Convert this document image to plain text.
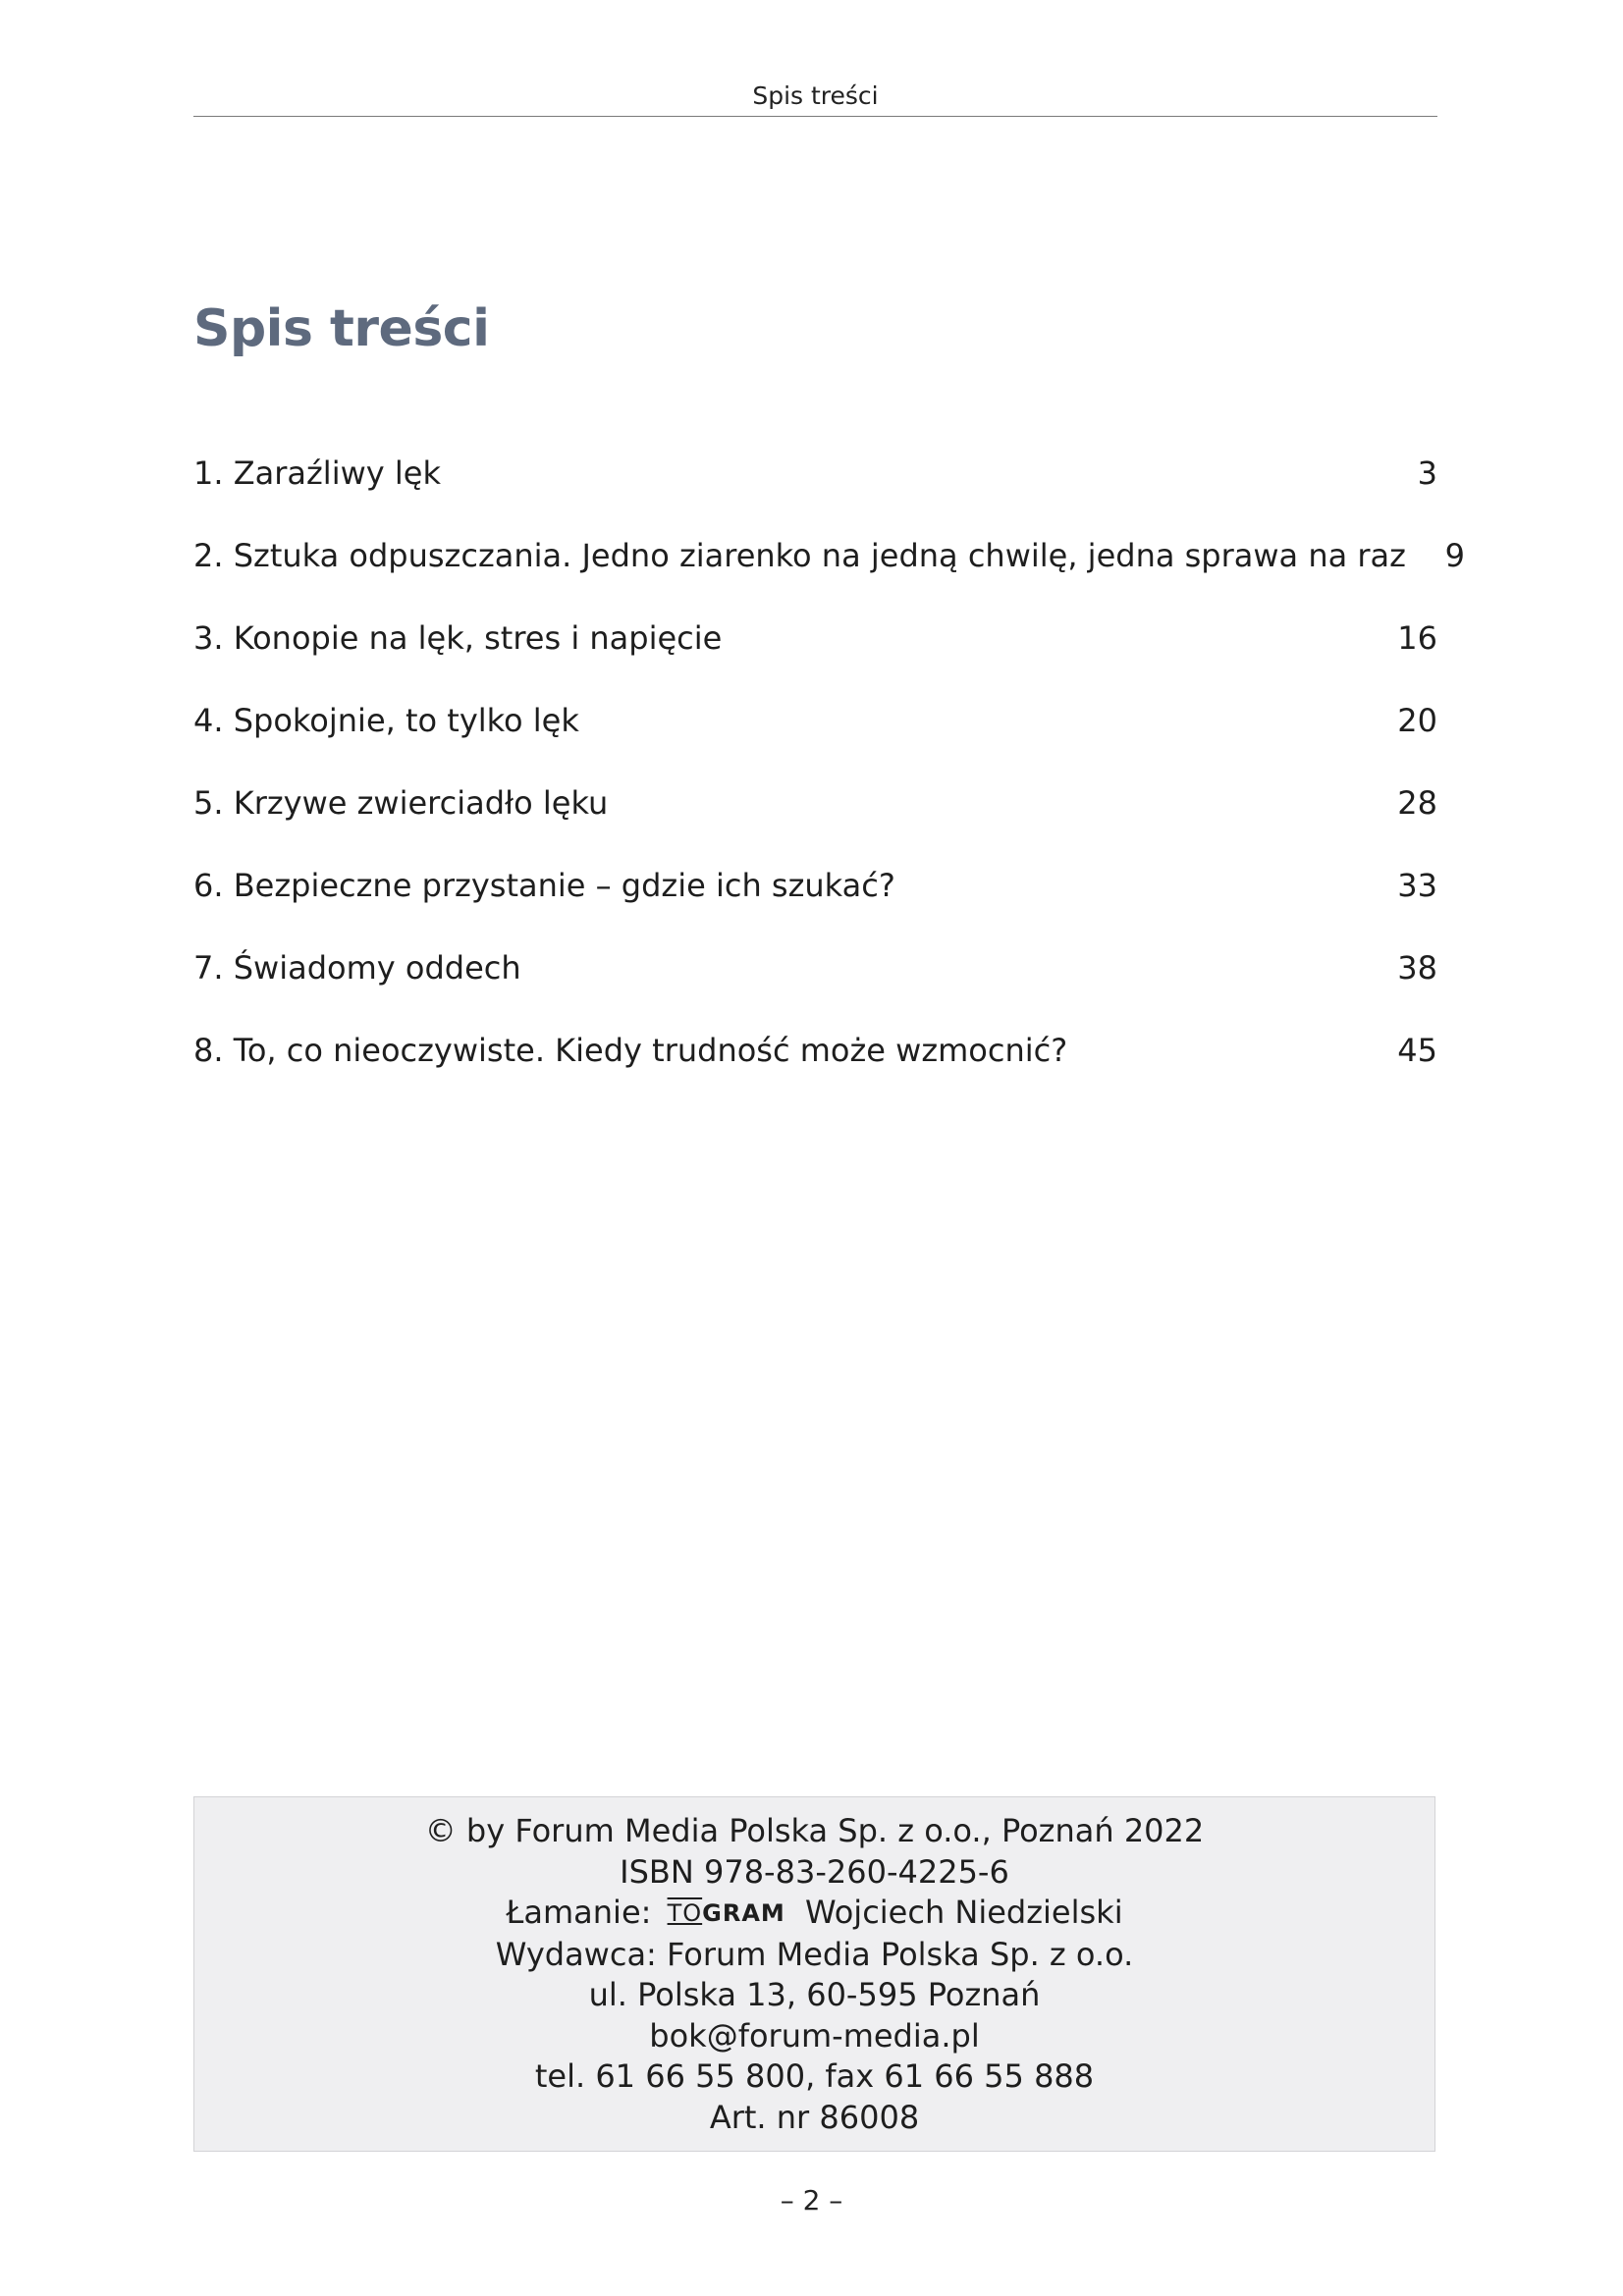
Spis treści
Spis treści
1. Zaraźliwy lęk	3
2. Sztuka odpuszczania. Jedno ziarenko na jedną chwilę, jedna sprawa na raz	9
3. Konopie na lęk, stres i napięcie	16
4. Spokojnie, to tylko lęk	20
5. Krzywe zwierciadło lęku	28
6. Bezpieczne przystanie – gdzie ich szukać?	33
7. Świadomy oddech	38
8. To, co nieoczywiste. Kiedy trudność może wzmocnić?	45
© by Forum Media Polska Sp. z o.o., Poznań 2022
ISBN 978-83-260-4225-6
Łamanie: TOGRAM Wojciech Niedzielski
Wydawca: Forum Media Polska Sp. z o.o.
ul. Polska 13, 60-595 Poznań
bok@forum-media.pl
tel. 61 66 55 800, fax 61 66 55 888
Art. nr 86008
– 2 –
